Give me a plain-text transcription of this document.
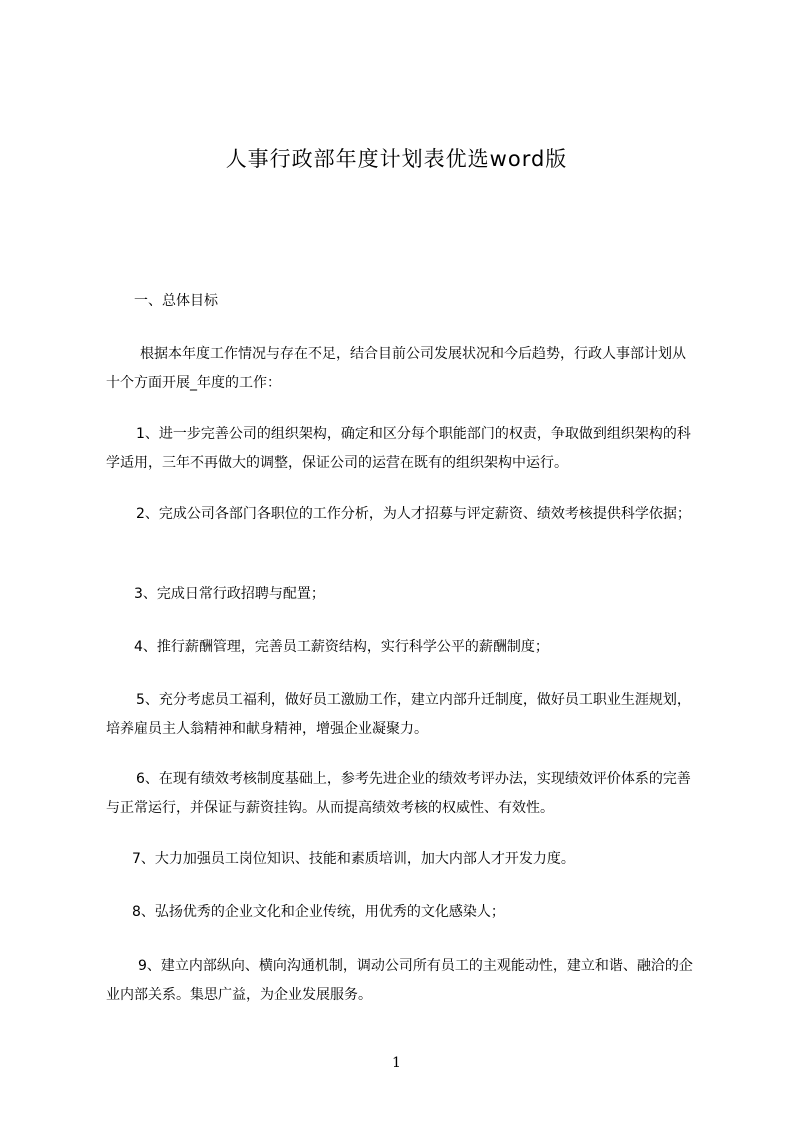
人事行政部年度计划表优选word版
一、总体目标

根据本年度工作情况与存在不足，结合目前公司发展状况和今后趋势，行政人事部计划从十个方面开展_年度的工作：

1、进一步完善公司的组织架构，确定和区分每个职能部门的权责，争取做到组织架构的科学适用，三年不再做大的调整，保证公司的运营在既有的组织架构中运行。

2、完成公司各部门各职位的工作分析，为人才招募与评定薪资、绩效考核提供科学依据；

3、完成日常行政招聘与配置；

4、推行薪酬管理，完善员工薪资结构，实行科学公平的薪酬制度；

5、充分考虑员工福利，做好员工激励工作，建立内部升迁制度，做好员工职业生涯规划，培养雇员主人翁精神和献身精神，增强企业凝聚力。

6、在现有绩效考核制度基础上，参考先进企业的绩效考评办法，实现绩效评价体系的完善与正常运行，并保证与薪资挂钩。从而提高绩效考核的权威性、有效性。

7、大力加强员工岗位知识、技能和素质培训，加大内部人才开发力度。

8、弘扬优秀的企业文化和企业传统，用优秀的文化感染人；

9、建立内部纵向、横向沟通机制，调动公司所有员工的主观能动性，建立和谐、融洽的企业内部关系。集思广益，为企业发展服务。

1
